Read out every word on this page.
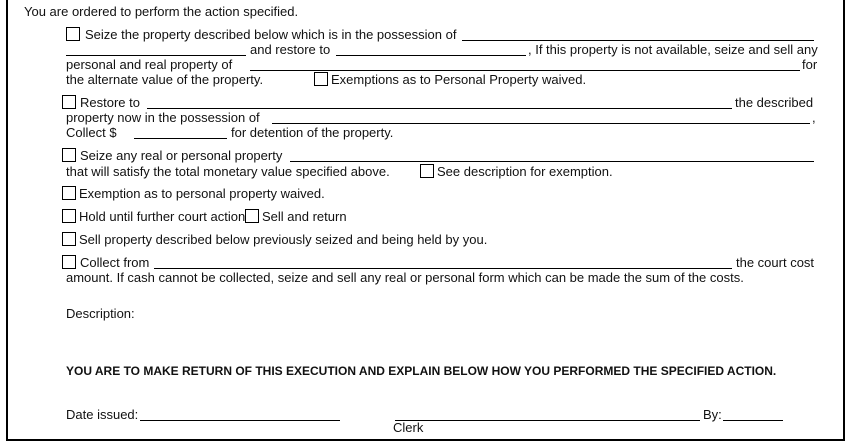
You are ordered to perform the action specified.
Seize the property described below which is in the possession of
and restore to	, If this property is not available, seize and sell any
personal and real property of	for
the alternate value of the property.	Exemptions as to Personal Property waived.
Restore to	the described
property now in the possession of	,
Collect $	for detention of the property.
Seize any real or personal property
that will satisfy the total monetary value specified above.	See description for exemption.
Exemption as to personal property waived.
Hold until further court action Sell and return
Sell property described below previously seized and being held by you.
Collect from	the court cost
amount. If cash cannot be collected, seize and sell any real or personal form which can be made the sum of the costs.
Description:
YOU ARE TO MAKE RETURN OF THIS EXECUTION AND EXPLAIN BELOW HOW YOU PERFORMED THE SPECIFIED ACTION.
Date issued:	By:
Clerk
